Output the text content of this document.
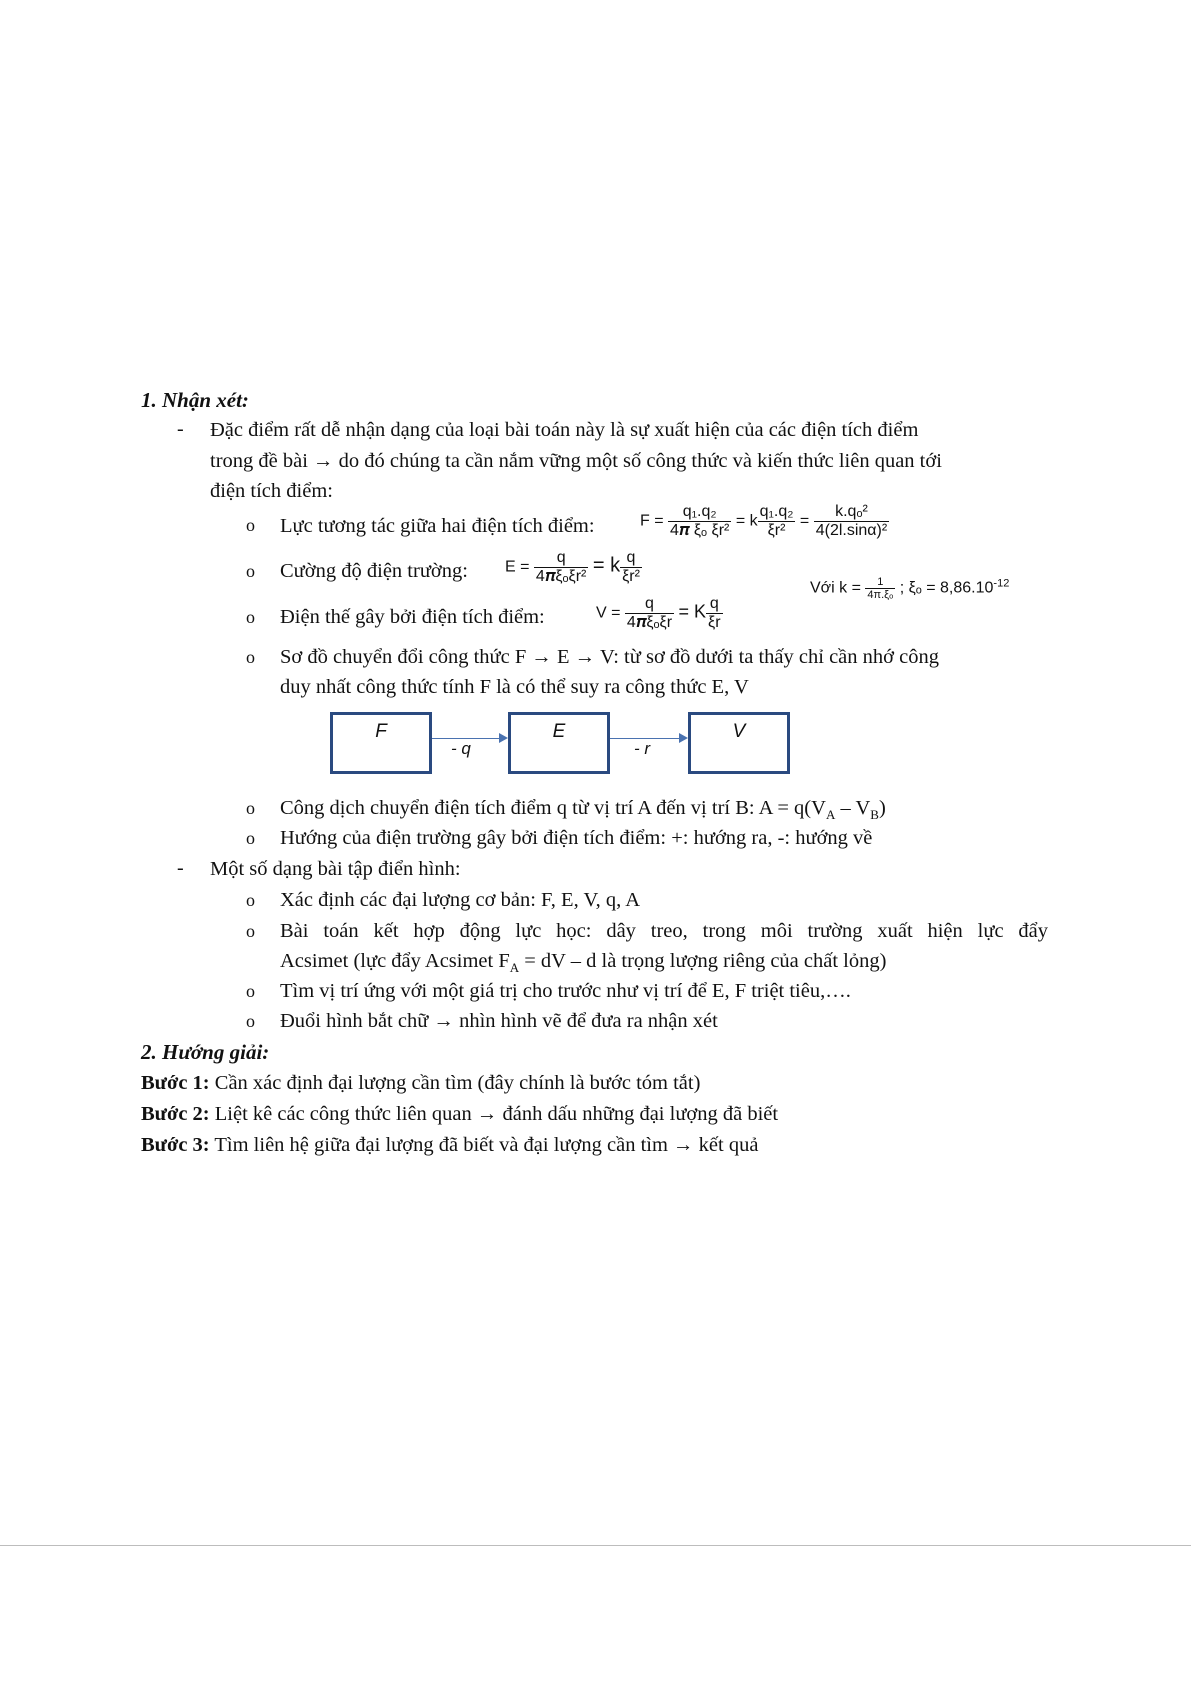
1. Nhận xét:
- Đặc điểm rất dễ nhận dạng của loại bài toán này là sự xuất hiện của các điện tích điểm
trong đề bài → do đó chúng ta cần nắm vững một số công thức và kiến thức liên quan tới
điện tích điểm:
o Lực tương tác giữa hai điện tích điểm:	$F = \frac{\text{q₁.q₂}}{\text{4𝝅 ξₒ ξr²}} = k \frac{\text{q₁.q₂}}{\text{ξr²}} = \frac{\text{k.qₒ²}}{\text{4(2l.sinα)²}}$
o Cường độ điện trường: $E = \frac{q}{\text{4𝝅ξₒξr²}} = k \frac{q}{\text{ξr²}}$
Với $k = \frac{1}{\text{4π.ξₒ}}$ ; $\xi_o = 8,86.10^{-12}$
o Điện thế gây bởi điện tích điểm:	$V = \frac{q}{\text{4𝝅ξₒξr}} = K \frac{q}{\xi r}$
o Sơ đồ chuyển đổi công thức F → E → V: từ sơ đồ dưới ta thấy chỉ cần nhớ công
duy nhất công thức tính F là có thể suy ra công thức E, V
F	E	V
- q	- r
o Công dịch chuyển điện tích điểm q từ vị trí A đến vị trí B: $A = q(V_A - V_B)$
o Hướng của điện trường gây bởi điện tích điểm: +: hướng ra, -: hướng về
- Một số dạng bài tập điển hình:
o Xác định các đại lượng cơ bản: F, E, V, q, A
o Bài toán kết hợp động lực học: dây treo, trong môi trường xuất hiện lực đẩy
Acsimet (lực đẩy Acsimet $F_A$ = dV – d là trọng lượng riêng của chất lỏng)
o Tìm vị trí ứng với một giá trị cho trước như vị trí để E, F triệt tiêu,….
o Đuổi hình bắt chữ → nhìn hình vẽ để đưa ra nhận xét
2. Hướng giải:
Bước 1: Cần xác định đại lượng cần tìm (đây chính là bước tóm tắt)
Bước 2: Liệt kê các công thức liên quan → đánh dấu những đại lượng đã biết
Bước 3: Tìm liên hệ giữa đại lượng đã biết và đại lượng cần tìm → kết quả
